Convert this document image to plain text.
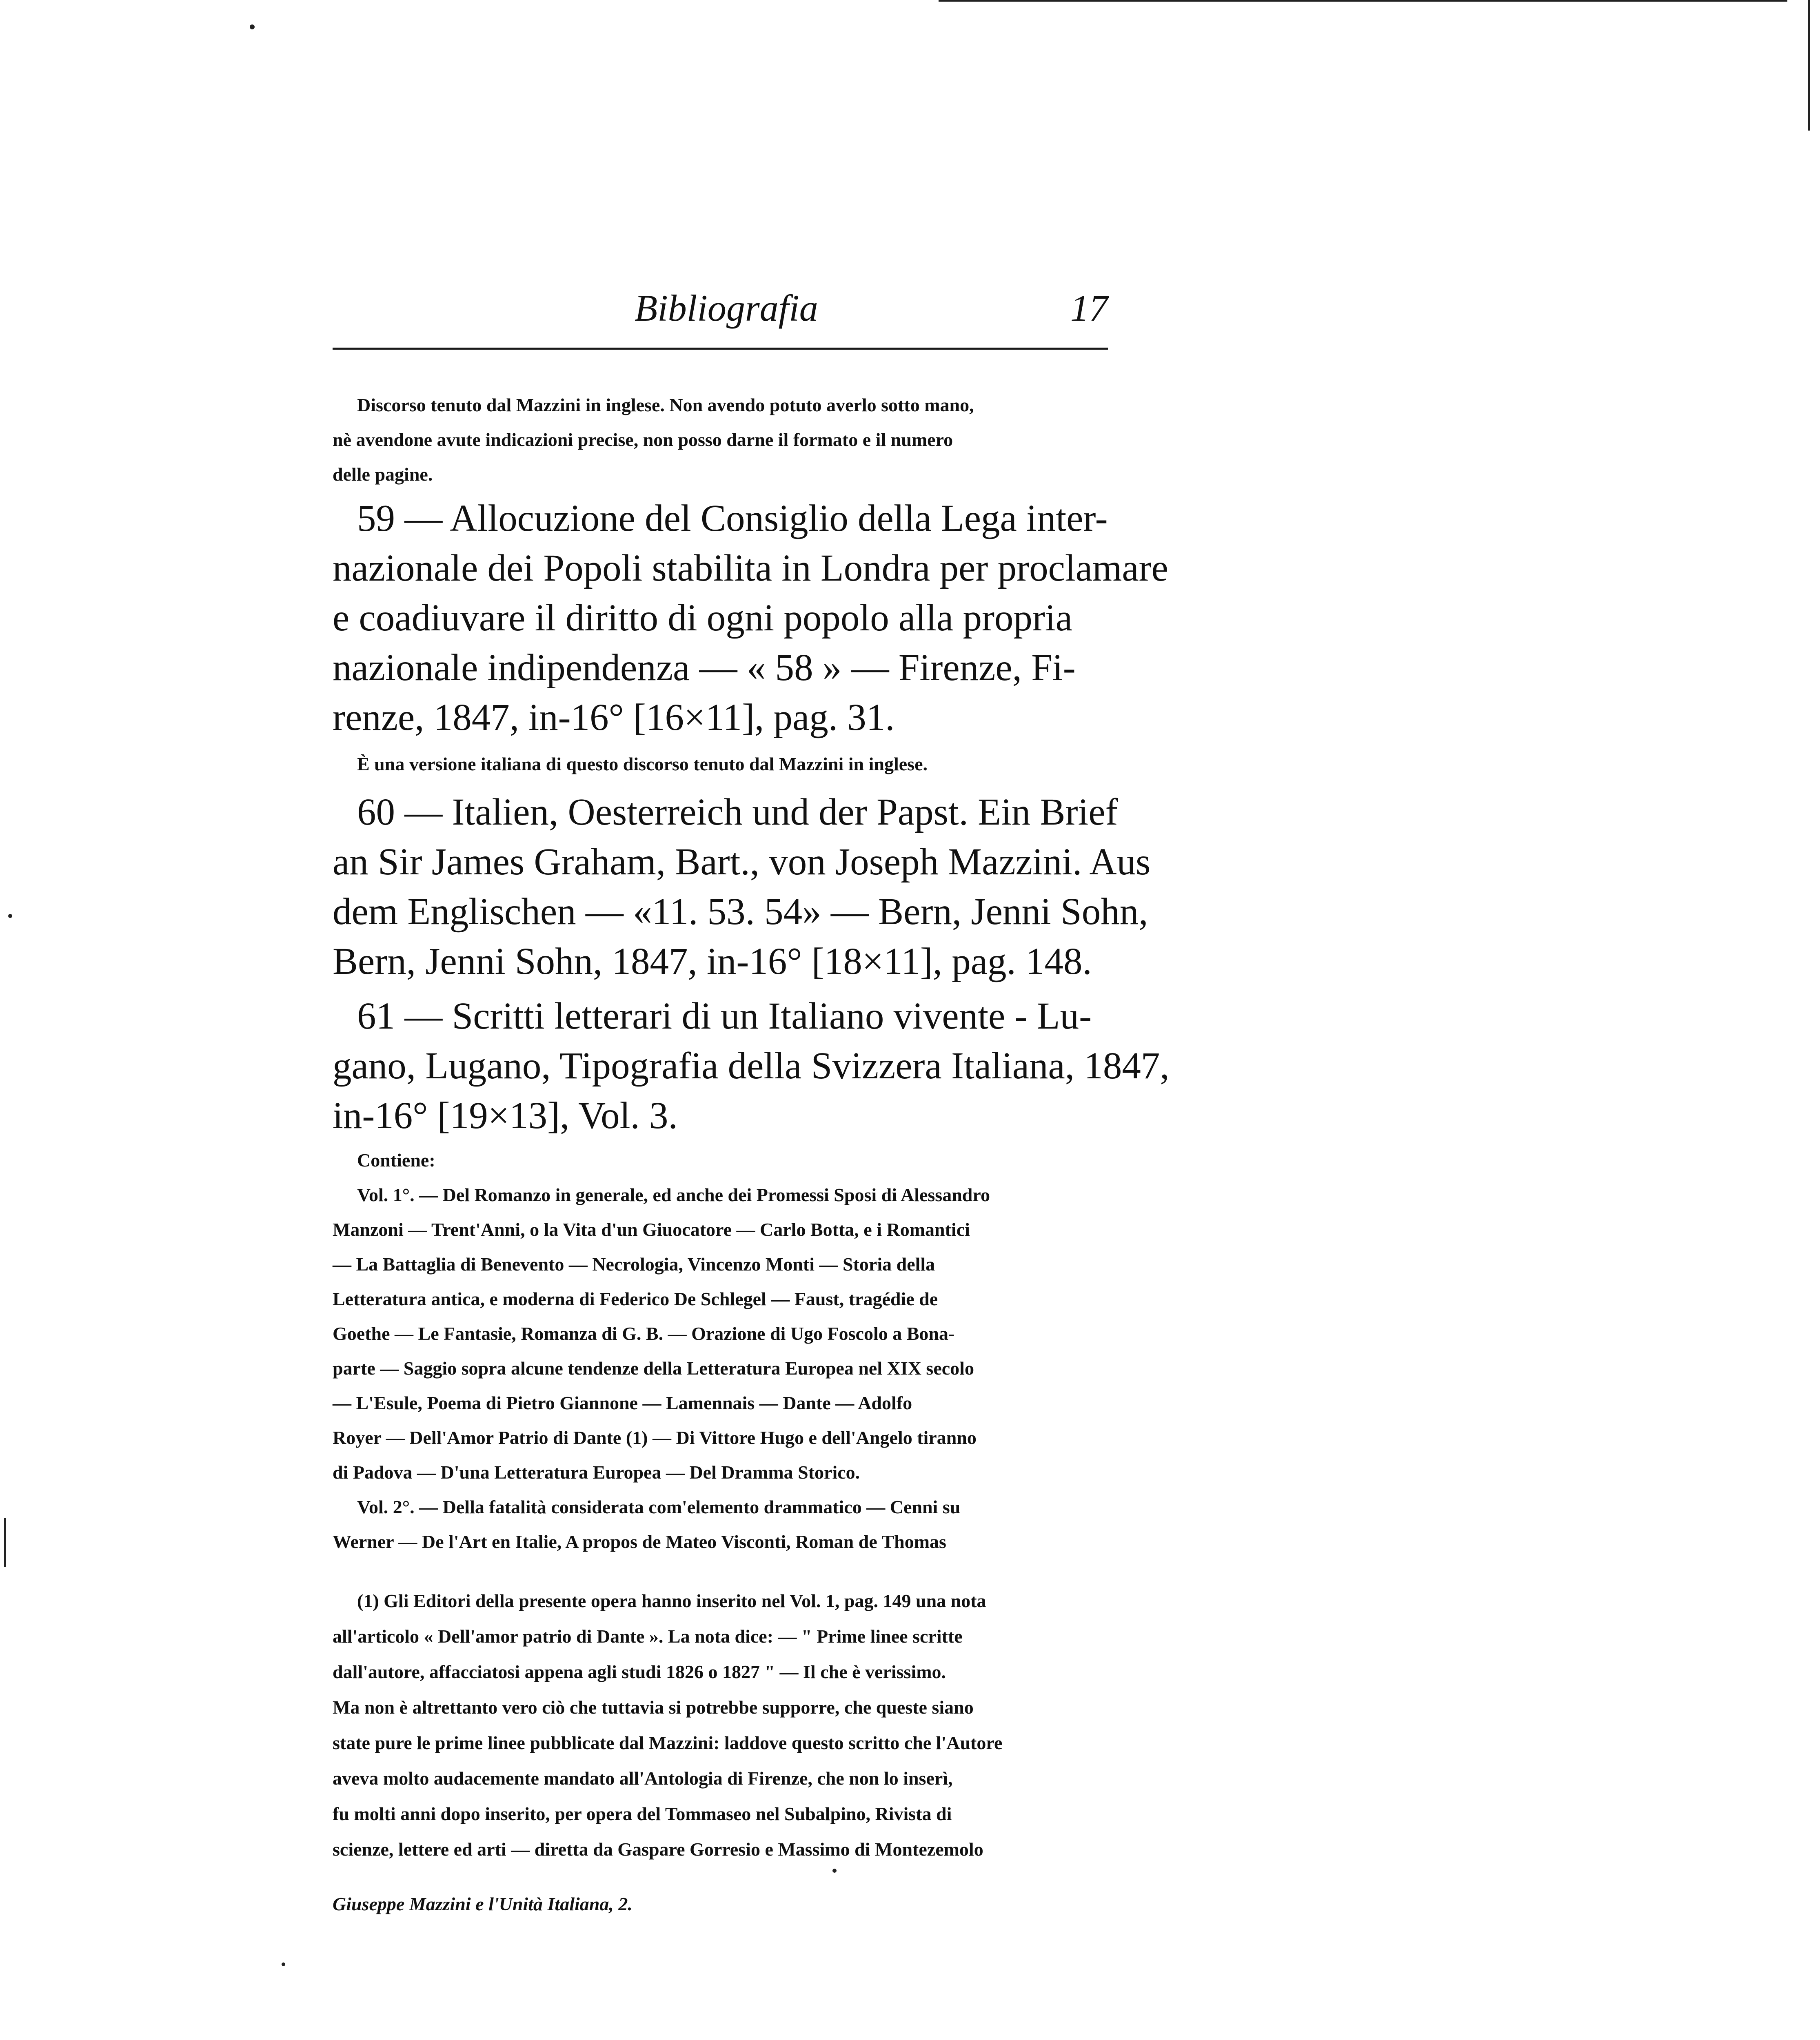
Bibliografia	17
Discorso tenuto dal Mazzini in inglese. Non avendo potuto averlo sotto mano,
nè avendone avute indicazioni precise, non posso darne il formato e il numero
delle pagine.
59 — Allocuzione del Consiglio della Lega inter-
nazionale dei Popoli stabilita in Londra per proclamare
e coadiuvare il diritto di ogni popolo alla propria
nazionale indipendenza — « 58 » — Firenze, Fi-
renze, 1847, in-16° [16×11], pag. 31.
È una versione italiana di questo discorso tenuto dal Mazzini in inglese.
60 — Italien, Oesterreich und der Papst. Ein Brief
an Sir James Graham, Bart., von Joseph Mazzini. Aus
dem Englischen — «11. 53. 54» — Bern, Jenni Sohn,
Bern, Jenni Sohn, 1847, in-16° [18×11], pag. 148.
61 — Scritti letterari di un Italiano vivente - Lu-
gano, Lugano, Tipografia della Svizzera Italiana, 1847,
in-16° [19×13], Vol. 3.
Contiene:
Vol. 1°. — Del Romanzo in generale, ed anche dei Promessi Sposi di Alessandro
Manzoni — Trent'Anni, o la Vita d'un Giuocatore — Carlo Botta, e i Romantici
— La Battaglia di Benevento — Necrologia, Vincenzo Monti — Storia della
Letteratura antica, e moderna di Federico De Schlegel — Faust, tragédie de
Goethe — Le Fantasie, Romanza di G. B. — Orazione di Ugo Foscolo a Bona-
parte — Saggio sopra alcune tendenze della Letteratura Europea nel XIX secolo
— L'Esule, Poema di Pietro Giannone — Lamennais — Dante — Adolfo
Royer — Dell'Amor Patrio di Dante (1) — Di Vittore Hugo e dell'Angelo tiranno
di Padova — D'una Letteratura Europea — Del Dramma Storico.
Vol. 2°. — Della fatalità considerata com'elemento drammatico — Cenni su
Werner — De l'Art en Italie, A propos de Mateo Visconti, Roman de Thomas
(1) Gli Editori della presente opera hanno inserito nel Vol. 1, pag. 149 una nota
all'articolo « Dell'amor patrio di Dante ». La nota dice: — " Prime linee scritte
dall'autore, affacciatosi appena agli studi 1826 o 1827 " — Il che è verissimo.
Ma non è altrettanto vero ciò che tuttavia si potrebbe supporre, che queste siano
state pure le prime linee pubblicate dal Mazzini: laddove questo scritto che l'Autore
aveva molto audacemente mandato all'Antologia di Firenze, che non lo inserì,
fu molti anni dopo inserito, per opera del Tommaseo nel Subalpino, Rivista di
scienze, lettere ed arti — diretta da Gaspare Gorresio e Massimo di Montezemolo
Giuseppe Mazzini e l'Unità Italiana, 2.
